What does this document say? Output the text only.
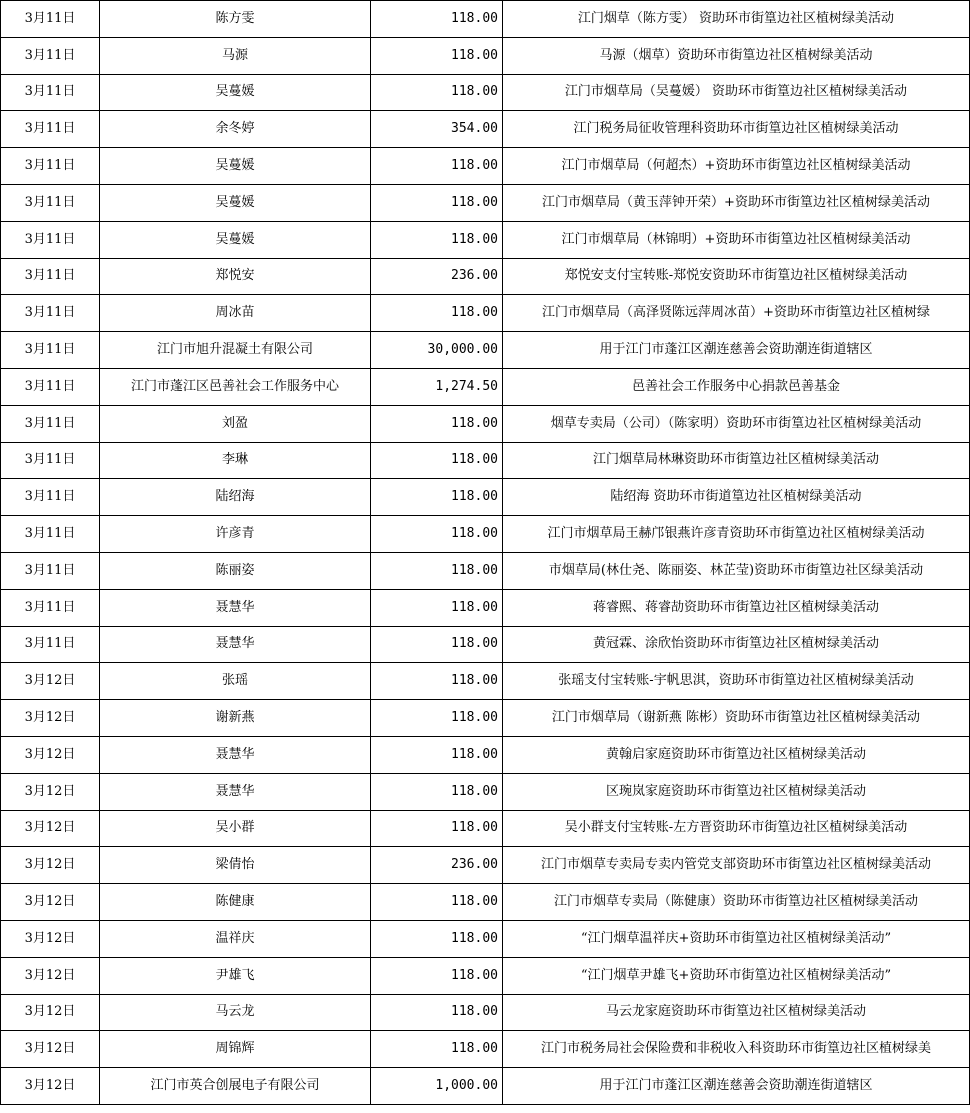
3月11日	陈方雯	118.00	江门烟草（陈方雯） 资助环市街篁边社区植树绿美活动
3月11日	马源	118.00	马源（烟草）资助环市街篁边社区植树绿美活动
3月11日	吴蔓媛	118.00	江门市烟草局（吴蔓媛） 资助环市街篁边社区植树绿美活动
3月11日	余冬婷	354.00	江门税务局征收管理科资助环市街篁边社区植树绿美活动
3月11日	吴蔓媛	118.00	江门市烟草局（何超杰）+资助环市街篁边社区植树绿美活动
3月11日	吴蔓媛	118.00	江门市烟草局（黄玉萍钟开荣）+资助环市街篁边社区植树绿美活动
3月11日	吴蔓媛	118.00	江门市烟草局（林锦明）+资助环市街篁边社区植树绿美活动
3月11日	郑悦安	236.00	郑悦安支付宝转账-郑悦安资助环市街篁边社区植树绿美活动
3月11日	周冰苗	118.00	江门市烟草局（高泽贤陈远萍周冰苗）+资助环市街篁边社区植树绿
3月11日	江门市旭升混凝土有限公司	30,000.00	用于江门市蓬江区潮连慈善会资助潮连街道辖区
3月11日	江门市蓬江区邑善社会工作服务中心	1,274.50	邑善社会工作服务中心捐款邑善基金
3月11日	刘盈	118.00	烟草专卖局（公司）（陈家明）资助环市街篁边社区植树绿美活动
3月11日	李琳	118.00	江门烟草局林琳资助环市街篁边社区植树绿美活动
3月11日	陆绍海	118.00	陆绍海 资助环市街道篁边社区植树绿美活动
3月11日	许彦青	118.00	江门市烟草局王赫邝银燕许彦青资助环市街篁边社区植树绿美活动
3月11日	陈丽姿	118.00	市烟草局(林仕尧、陈丽姿、林芷莹)资助环市街篁边社区绿美活动
3月11日	聂慧华	118.00	蒋睿熙、蒋睿劼资助环市街篁边社区植树绿美活动
3月11日	聂慧华	118.00	黄冠霖、涂欣怡资助环市街篁边社区植树绿美活动
3月12日	张瑶	118.00	张瑶支付宝转账-宇帆思淇，资助环市街篁边社区植树绿美活动
3月12日	谢新燕	118.00	江门市烟草局（谢新燕 陈彬）资助环市街篁边社区植树绿美活动
3月12日	聂慧华	118.00	黄翰启家庭资助环市街篁边社区植树绿美活动
3月12日	聂慧华	118.00	区琬岚家庭资助环市街篁边社区植树绿美活动
3月12日	吴小群	118.00	吴小群支付宝转账-左方晋资助环市街篁边社区植树绿美活动
3月12日	梁倩怡	236.00	江门市烟草专卖局专卖内管党支部资助环市街篁边社区植树绿美活动
3月12日	陈健康	118.00	江门市烟草专卖局（陈健康）资助环市街篁边社区植树绿美活动
3月12日	温祥庆	118.00	“江门烟草温祥庆+资助环市街篁边社区植树绿美活动”
3月12日	尹雄飞	118.00	“江门烟草尹雄飞+资助环市街篁边社区植树绿美活动”
3月12日	马云龙	118.00	马云龙家庭资助环市街篁边社区植树绿美活动
3月12日	周锦辉	118.00	江门市税务局社会保险费和非税收入科资助环市街篁边社区植树绿美
3月12日	江门市英合创展电子有限公司	1,000.00	用于江门市蓬江区潮连慈善会资助潮连街道辖区
